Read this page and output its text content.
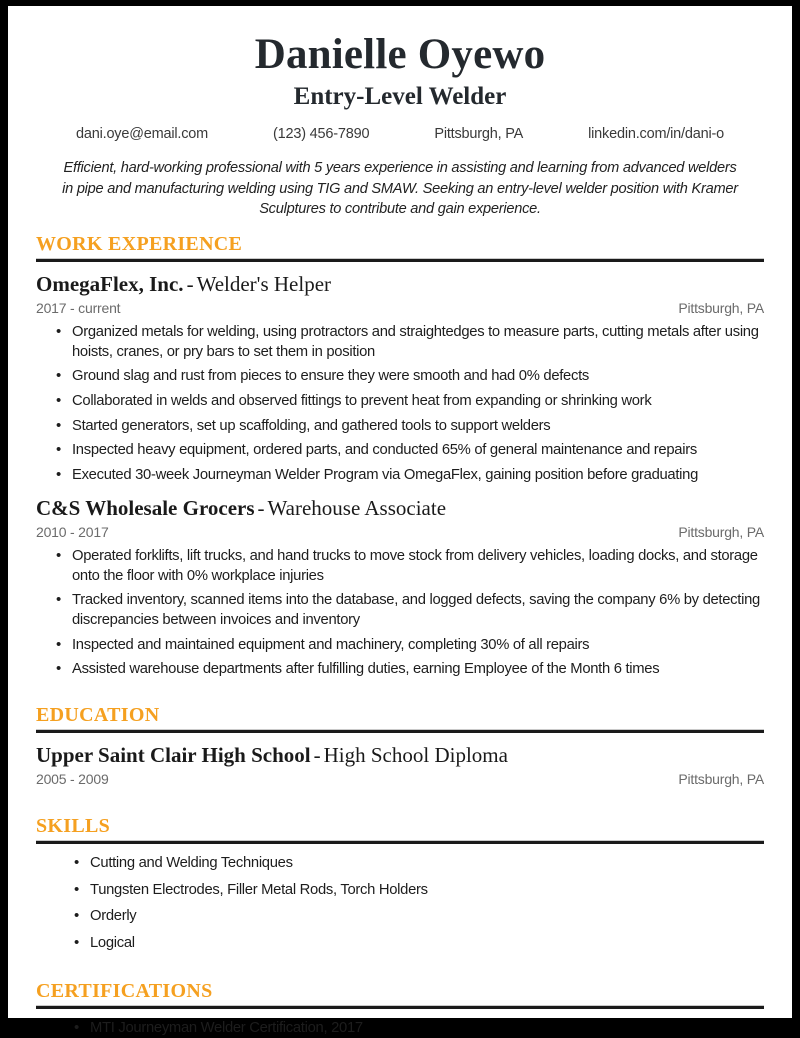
Danielle Oyewo
Entry-Level Welder
dani.oye@email.com	(123) 456-7890	Pittsburgh, PA	linkedin.com/in/dani-o
Efficient, hard-working professional with 5 years experience in assisting and learning from advanced welders in pipe and manufacturing welding using TIG and SMAW. Seeking an entry-level welder position with Kramer Sculptures to contribute and gain experience.
WORK EXPERIENCE
OmegaFlex, Inc. - Welder's Helper
2017 - current	Pittsburgh, PA
• Organized metals for welding, using protractors and straightedges to measure parts, cutting metals after using hoists, cranes, or pry bars to set them in position
• Ground slag and rust from pieces to ensure they were smooth and had 0% defects
• Collaborated in welds and observed fittings to prevent heat from expanding or shrinking work
• Started generators, set up scaffolding, and gathered tools to support welders
• Inspected heavy equipment, ordered parts, and conducted 65% of general maintenance and repairs
• Executed 30-week Journeyman Welder Program via OmegaFlex, gaining position before graduating
C&S Wholesale Grocers - Warehouse Associate
2010 - 2017	Pittsburgh, PA
• Operated forklifts, lift trucks, and hand trucks to move stock from delivery vehicles, loading docks, and storage onto the floor with 0% workplace injuries
• Tracked inventory, scanned items into the database, and logged defects, saving the company 6% by detecting discrepancies between invoices and inventory
• Inspected and maintained equipment and machinery, completing 30% of all repairs
• Assisted warehouse departments after fulfilling duties, earning Employee of the Month 6 times
EDUCATION
Upper Saint Clair High School - High School Diploma
2005 - 2009	Pittsburgh, PA
SKILLS
• Cutting and Welding Techniques
• Tungsten Electrodes, Filler Metal Rods, Torch Holders
• Orderly
• Logical
CERTIFICATIONS
• MTI Journeyman Welder Certification, 2017
